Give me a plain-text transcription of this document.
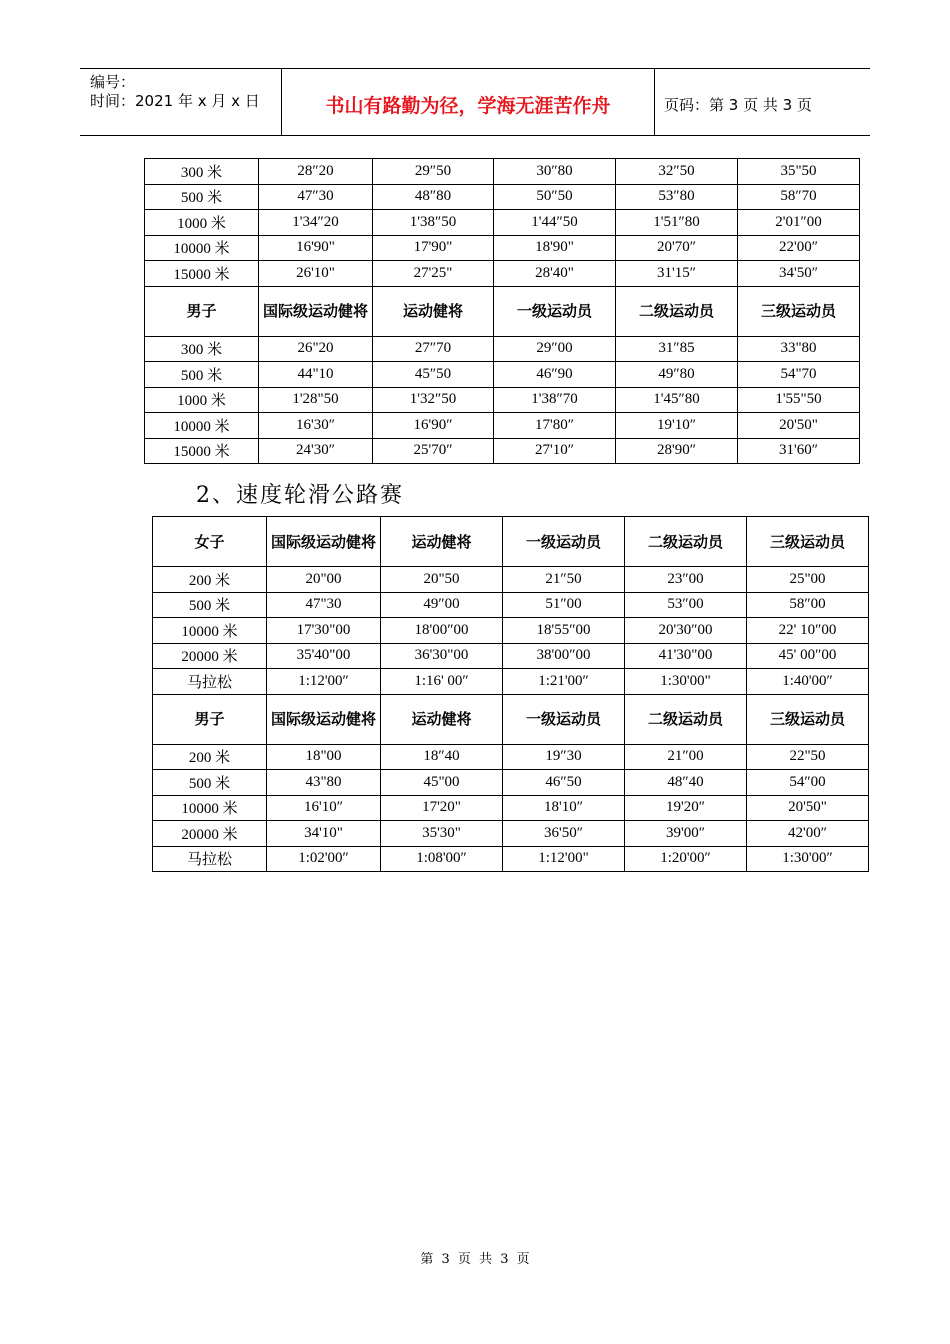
编号：
时间：2021 年 x 月 x 日	书山有路勤为径，学海无涯苦作舟	页码：第 3 页 共 3 页
300 米	28″20	29″50	30″80	32″50	35"50
500 米	47″30	48″80	50″50	53″80	58″70
1000 米	1'34″20	1'38″50	1'44″50	1'51″80	2'01″00
10000 米	16'90"	17'90"	18'90"	20'70″	22'00″
15000 米	26'10"	27'25"	28'40"	31'15″	34'50″
男子	国际级运动健将	运动健将	一级运动员	二级运动员	三级运动员
300 米	26"20	27″70	29″00	31″85	33"80
500 米	44"10	45″50	46″90	49″80	54"70
1000 米	1'28"50	1'32″50	1'38″70	1'45″80	1'55"50
10000 米	16'30″	16'90″	17'80″	19'10″	20'50"
15000 米	24'30″	25'70″	27'10″	28'90″	31'60″
2、速度轮滑公路赛
女子	国际级运动健将	运动健将	一级运动员	二级运动员	三级运动员
200 米	20"00	20"50	21″50	23″00	25"00
500 米	47"30	49″00	51″00	53″00	58″00
10000 米	17'30"00	18'00″00	18'55″00	20'30″00	22' 10″00
20000 米	35'40"00	36'30"00	38'00″00	41'30"00	45' 00″00
马拉松	1:12'00″	1:16' 00″	1:21'00″	1:30'00"	1:40'00″
男子	国际级运动健将	运动健将	一级运动员	二级运动员	三级运动员
200 米	18"00	18″40	19″30	21″00	22"50
500 米	43"80	45"00	46″50	48″40	54″00
10000 米	16'10″	17'20"	18'10″	19'20″	20'50"
20000 米	34'10"	35'30"	36'50″	39'00″	42'00″
马拉松	1:02'00″	1:08'00″	1:12'00"	1:20'00″	1:30'00″
第 3 页 共 3 页
